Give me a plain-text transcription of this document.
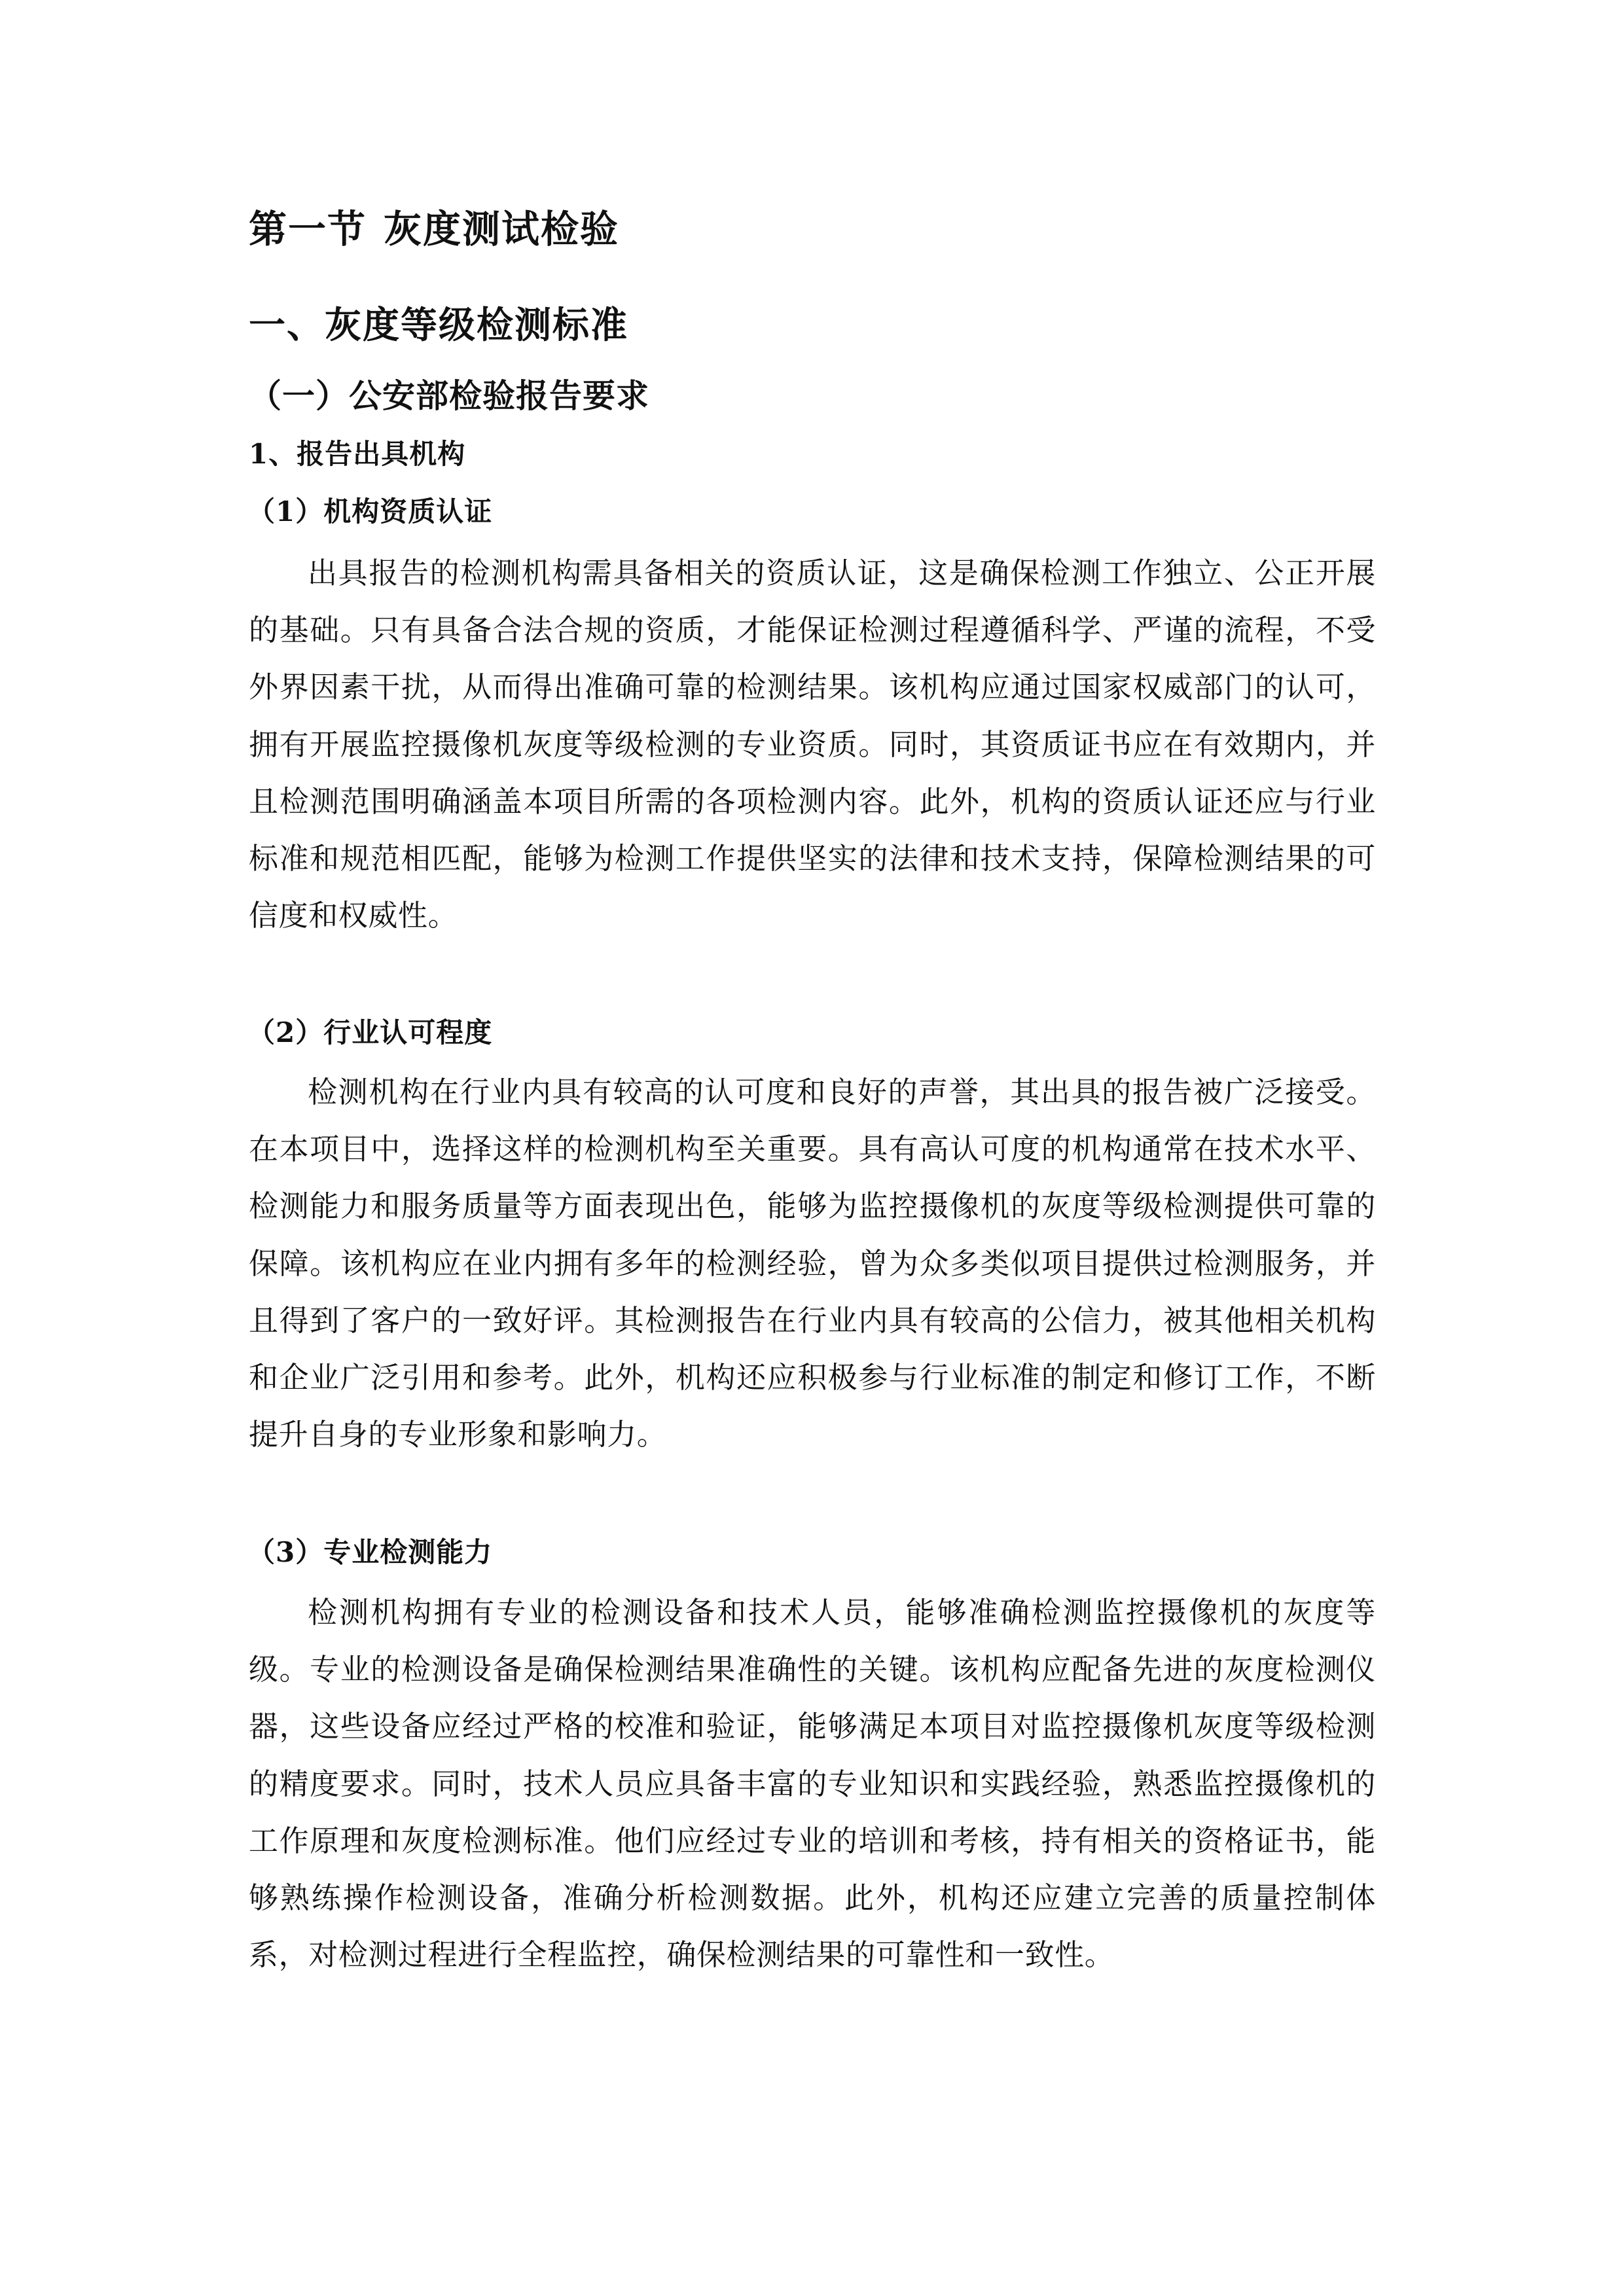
第一节 灰度测试检验
一、灰度等级检测标准
（一）公安部检验报告要求
1、报告出具机构
（1）机构资质认证

出具报告的检测机构需具备相关的资质认证，这是确保检测工作独立、公正开展的基础。只有具备合法合规的资质，才能保证检测过程遵循科学、严谨的流程，不受外界因素干扰，从而得出准确可靠的检测结果。该机构应通过国家权威部门的认可，拥有开展监控摄像机灰度等级检测的专业资质。同时，其资质证书应在有效期内，并且检测范围明确涵盖本项目所需的各项检测内容。此外，机构的资质认证还应与行业标准和规范相匹配，能够为检测工作提供坚实的法律和技术支持，保障检测结果的可信度和权威性。

（2）行业认可程度

检测机构在行业内具有较高的认可度和良好的声誉，其出具的报告被广泛接受。在本项目中，选择这样的检测机构至关重要。具有高认可度的机构通常在技术水平、检测能力和服务质量等方面表现出色，能够为监控摄像机的灰度等级检测提供可靠的保障。该机构应在业内拥有多年的检测经验，曾为众多类似项目提供过检测服务，并且得到了客户的一致好评。其检测报告在行业内具有较高的公信力，被其他相关机构和企业广泛引用和参考。此外，机构还应积极参与行业标准的制定和修订工作，不断提升自身的专业形象和影响力。

（3）专业检测能力

检测机构拥有专业的检测设备和技术人员，能够准确检测监控摄像机的灰度等级。专业的检测设备是确保检测结果准确性的关键。该机构应配备先进的灰度检测仪器，这些设备应经过严格的校准和验证，能够满足本项目对监控摄像机灰度等级检测的精度要求。同时，技术人员应具备丰富的专业知识和实践经验，熟悉监控摄像机的工作原理和灰度检测标准。他们应经过专业的培训和考核，持有相关的资格证书，能够熟练操作检测设备，准确分析检测数据。此外，机构还应建立完善的质量控制体系，对检测过程进行全程监控，确保检测结果的可靠性和一致性。
